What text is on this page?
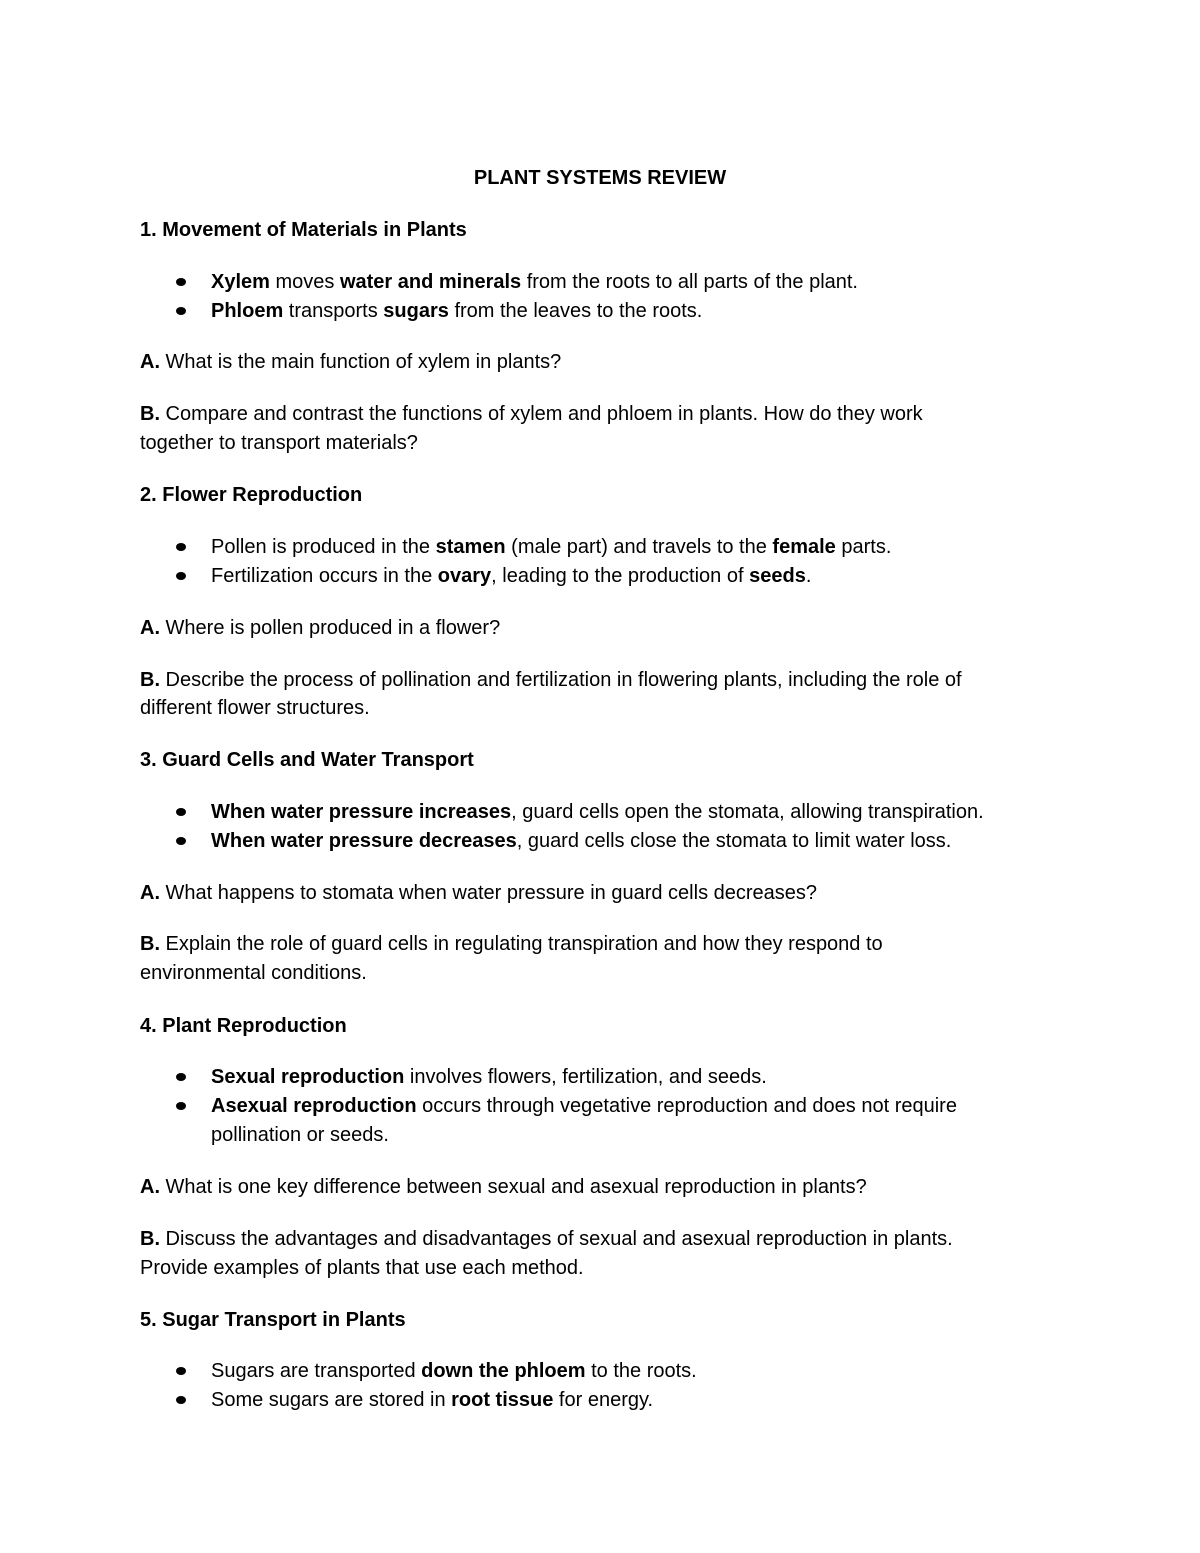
PLANT SYSTEMS REVIEW

1. Movement of Materials in Plants

Xylem moves water and minerals from the roots to all parts of the plant.

Phloem transports sugars from the leaves to the roots.

A. What is the main function of xylem in plants?

B. Compare and contrast the functions of xylem and phloem in plants. How do they work

together to transport materials?

2. Flower Reproduction

Pollen is produced in the stamen (male part) and travels to the female parts.

Fertilization occurs in the ovary, leading to the production of seeds.

A. Where is pollen produced in a flower?

B. Describe the process of pollination and fertilization in flowering plants, including the role of

different flower structures.

3. Guard Cells and Water Transport

When water pressure increases, guard cells open the stomata, allowing transpiration.

When water pressure decreases, guard cells close the stomata to limit water loss.

A. What happens to stomata when water pressure in guard cells decreases?

B. Explain the role of guard cells in regulating transpiration and how they respond to

environmental conditions.

4. Plant Reproduction

Sexual reproduction involves flowers, fertilization, and seeds.

Asexual reproduction occurs through vegetative reproduction and does not require

pollination or seeds.

A. What is one key difference between sexual and asexual reproduction in plants?

B. Discuss the advantages and disadvantages of sexual and asexual reproduction in plants.

Provide examples of plants that use each method.

5. Sugar Transport in Plants

Sugars are transported down the phloem to the roots.

Some sugars are stored in root tissue for energy.
